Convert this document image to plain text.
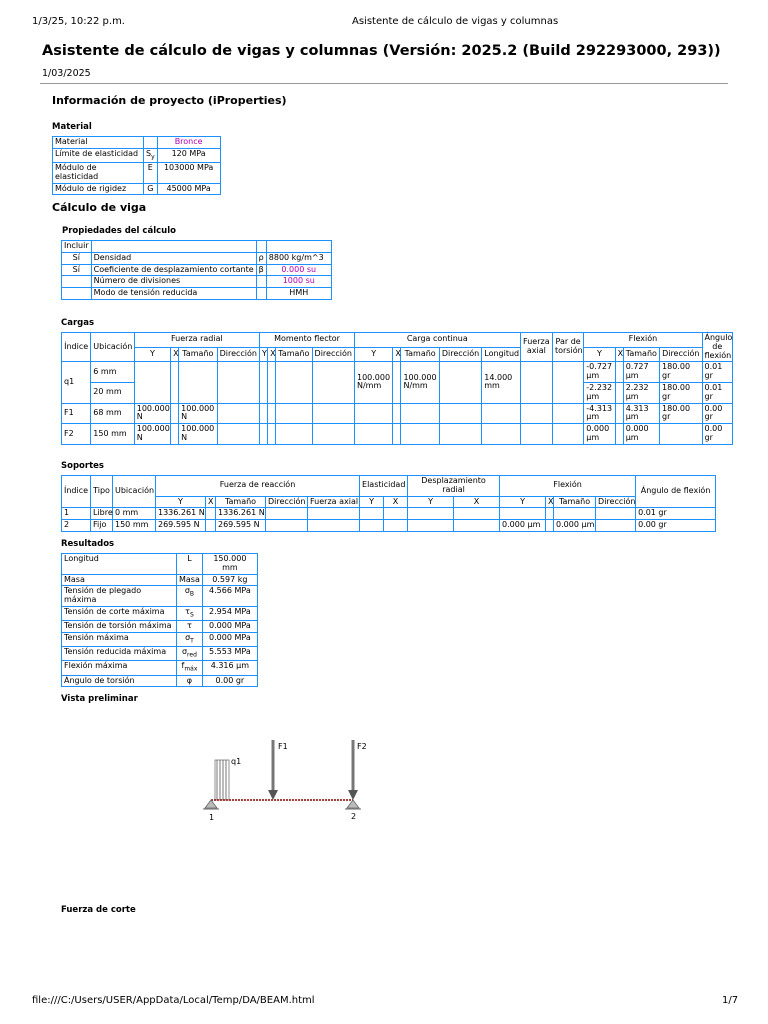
1/3/25, 10:22 p.m.	Asistente de cálculo de vigas y columnas
Asistente de cálculo de vigas y columnas (Versión: 2025.2 (Build 292293000, 293))
1/03/2025
Información de proyecto (iProperties)
Material
Material		Bronce
Límite de elasticidad	$S_y$	120 MPa
Módulo de elasticidad	E	103000 MPa
Módulo de rigidez	G	45000 MPa
Cálculo de viga
Propiedades del cálculo
Incluir			
Sí	Densidad	ρ	8800 kg/m^3
Sí	Coeficiente de desplazamiento cortante	β	0.000 su
	Número de divisiones		1000 su
	Modo de tensión reducida		HMH
Cargas
Índice	Ubicación	Fuerza radial				Momento flector				Carga continua					Fuerza axial	Par de torsión	Flexión				Ángulo de flexión
		Y	X	Tamaño	Dirección	Y	X	Tamaño	Dirección	Y	X	Tamaño	Dirección	Longitud			Y	X	Tamaño	Dirección	
q1	6 mm									100.000 N/mm		100.000 N/mm		14.000 mm			-0.727 µm		0.727 µm	180.00 gr	0.01 gr
	20 mm																-2.232 µm		2.232 µm	180.00 gr	0.01 gr
F1	68 mm	100.000 N		100.000 N													-4.313 µm		4.313 µm	180.00 gr	0.00 gr
F2	150 mm	100.000 N		100.000 N													0.000 µm		0.000 µm		0.00 gr
Soportes
Índice	Tipo	Ubicación	Fuerza de reacción					Elasticidad		Desplazamiento radial		Flexión				Ángulo de flexión
			Y	X	Tamaño	Dirección	Fuerza axial	Y	X	Y	X	Y	X	Tamaño	Dirección	
1	Libre	0 mm	1336.261 N		1336.261 N											0.01 gr
2	Fijo	150 mm	269.595 N		269.595 N							0.000 µm		0.000 µm		0.00 gr
Resultados
Longitud	L	150.000 mm
Masa	Masa	0.597 kg
Tensión de plegado máxima	$\sigma_B$	4.566 MPa
Tensión de corte máxima	$\tau_S$	2.954 MPa
Tensión de torsión máxima	τ	0.000 MPa
Tensión máxima	$\sigma_T$	0.000 MPa
Tensión reducida máxima	$\sigma_{red}$	5.553 MPa
Flexión máxima	$f_{máx}$	4.316 µm
Ángulo de torsión	φ	0.00 gr
Vista preliminar
q1
F1	F2
1	2
Fuerza de corte
file:///C:/Users/USER/AppData/Local/Temp/DA/BEAM.html	1/7
